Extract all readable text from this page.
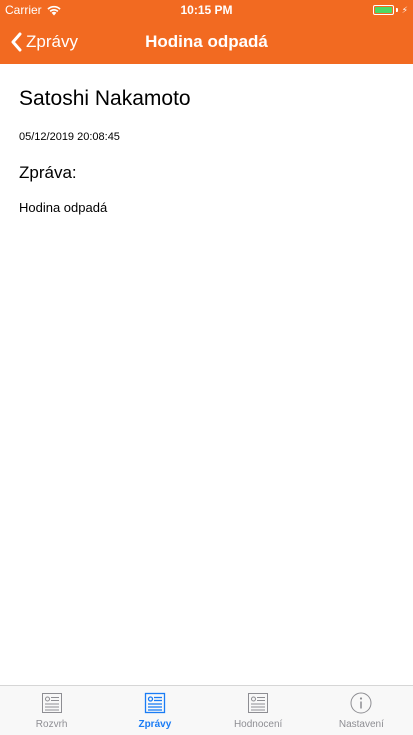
Carrier	10:15 PM	⚡
Zprávy	Hodina odpadá
Satoshi Nakamoto
05/12/2019 20:08:45
Zpráva:
Hodina odpadá
Rozvrh	Zprávy	Hodnocení	Nastavení
